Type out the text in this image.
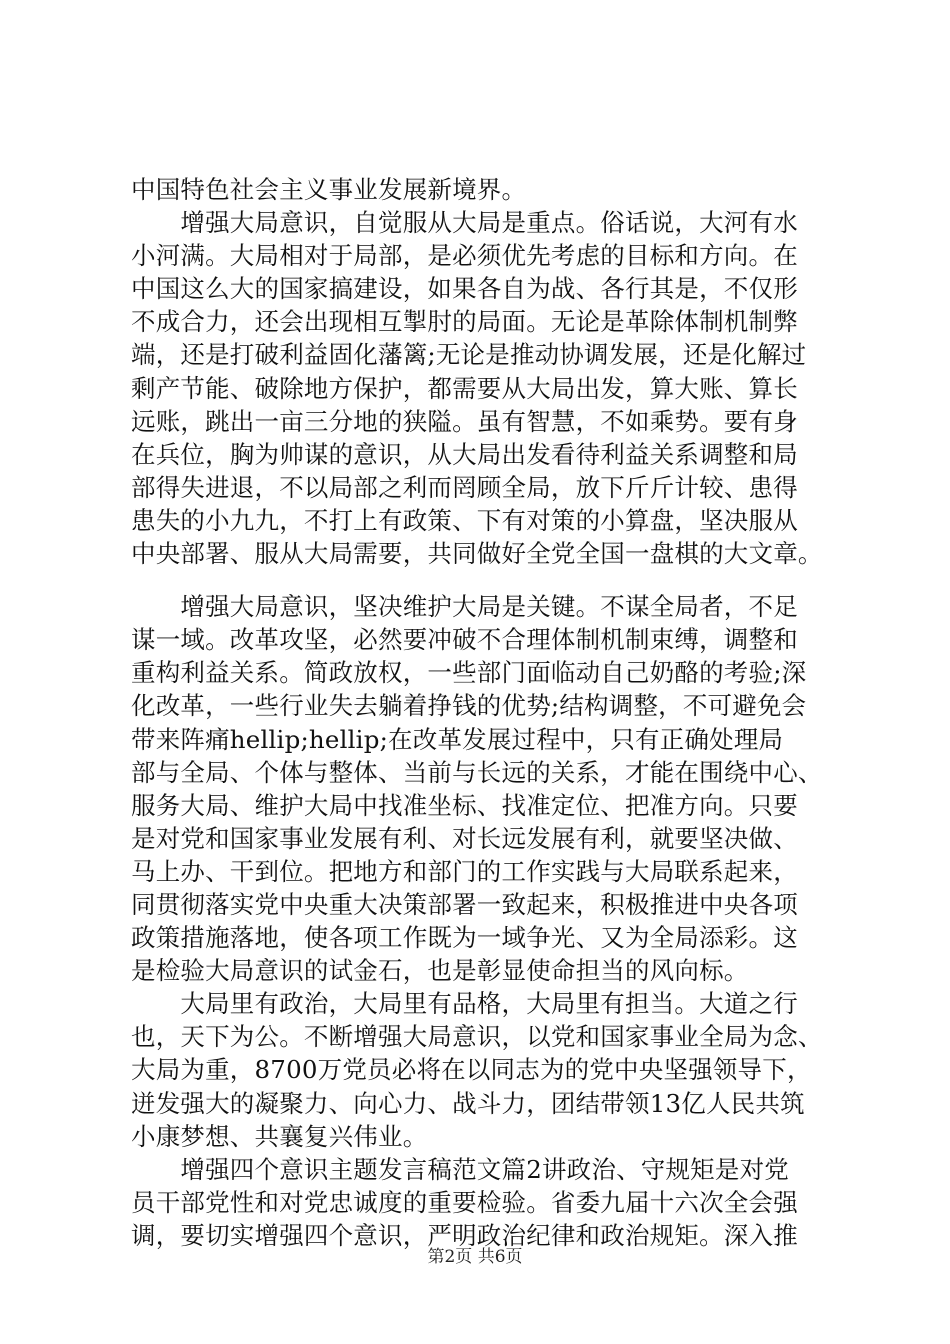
中国特色社会主义事业发展新境界。
　　增强大局意识，自觉服从大局是重点。俗话说，大河有水
小河满。大局相对于局部，是必须优先考虑的目标和方向。在
中国这么大的国家搞建设，如果各自为战、各行其是，不仅形
不成合力，还会出现相互掣肘的局面。无论是革除体制机制弊
端，还是打破利益固化藩篱;无论是推动协调发展，还是化解过
剩产节能、破除地方保护，都需要从大局出发，算大账、算长
远账，跳出一亩三分地的狭隘。虽有智慧，不如乘势。要有身
在兵位，胸为帅谋的意识，从大局出发看待利益关系调整和局
部得失进退，不以局部之利而罔顾全局，放下斤斤计较、患得
患失的小九九，不打上有政策、下有对策的小算盘，坚决服从
中央部署、服从大局需要，共同做好全党全国一盘棋的大文章。
　　增强大局意识，坚决维护大局是关键。不谋全局者，不足
谋一域。改革攻坚，必然要冲破不合理体制机制束缚，调整和
重构利益关系。简政放权，一些部门面临动自己奶酪的考验;深
化改革，一些行业失去躺着挣钱的优势;结构调整，不可避免会
带来阵痛hellip;hellip;在改革发展过程中，只有正确处理局
部与全局、个体与整体、当前与长远的关系，才能在围绕中心、
服务大局、维护大局中找准坐标、找准定位、把准方向。只要
是对党和国家事业发展有利、对长远发展有利，就要坚决做、
马上办、干到位。把地方和部门的工作实践与大局联系起来，
同贯彻落实党中央重大决策部署一致起来，积极推进中央各项
政策措施落地，使各项工作既为一域争光、又为全局添彩。这
是检验大局意识的试金石，也是彰显使命担当的风向标。
　　大局里有政治，大局里有品格，大局里有担当。大道之行
也，天下为公。不断增强大局意识，以党和国家事业全局为念、
大局为重，8700万党员必将在以同志为的党中央坚强领导下，
迸发强大的凝聚力、向心力、战斗力，团结带领13亿人民共筑
小康梦想、共襄复兴伟业。
　　增强四个意识主题发言稿范文篇2讲政治、守规矩是对党
员干部党性和对党忠诚度的重要检验。省委九届十六次全会强
调，要切实增强四个意识，严明政治纪律和政治规矩。深入推
第2页 共6页
